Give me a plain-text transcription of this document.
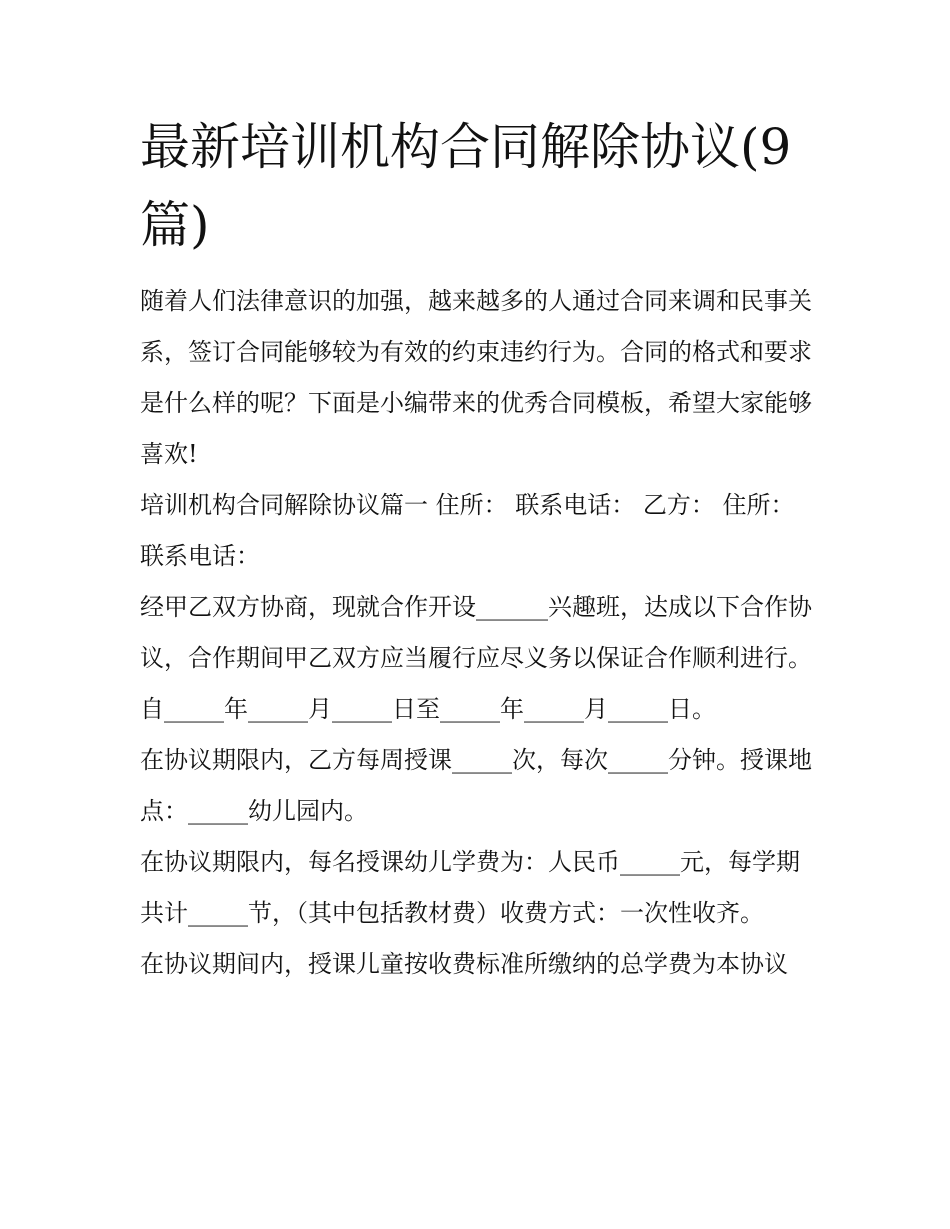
最新培训机构合同解除协议(9篇)

随着人们法律意识的加强，越来越多的人通过合同来调和民事关系，签订合同能够较为有效的约束违约行为。合同的格式和要求是什么样的呢？下面是小编带来的优秀合同模板，希望大家能够喜欢!

培训机构合同解除协议篇一 住所： 联系电话： 乙方： 住所： 联系电话：

经甲乙双方协商，现就合作开设______兴趣班，达成以下合作协议，合作期间甲乙双方应当履行应尽义务以保证合作顺利进行。

自_____年_____月_____日至_____年_____月_____日。

在协议期限内，乙方每周授课_____次，每次_____分钟。授课地点：_____幼儿园内。

在协议期限内，每名授课幼儿学费为：人民币_____元，每学期共计_____节，（其中包括教材费）收费方式：一次性收齐。

在协议期间内，授课儿童按收费标准所缴纳的总学费为本协议
